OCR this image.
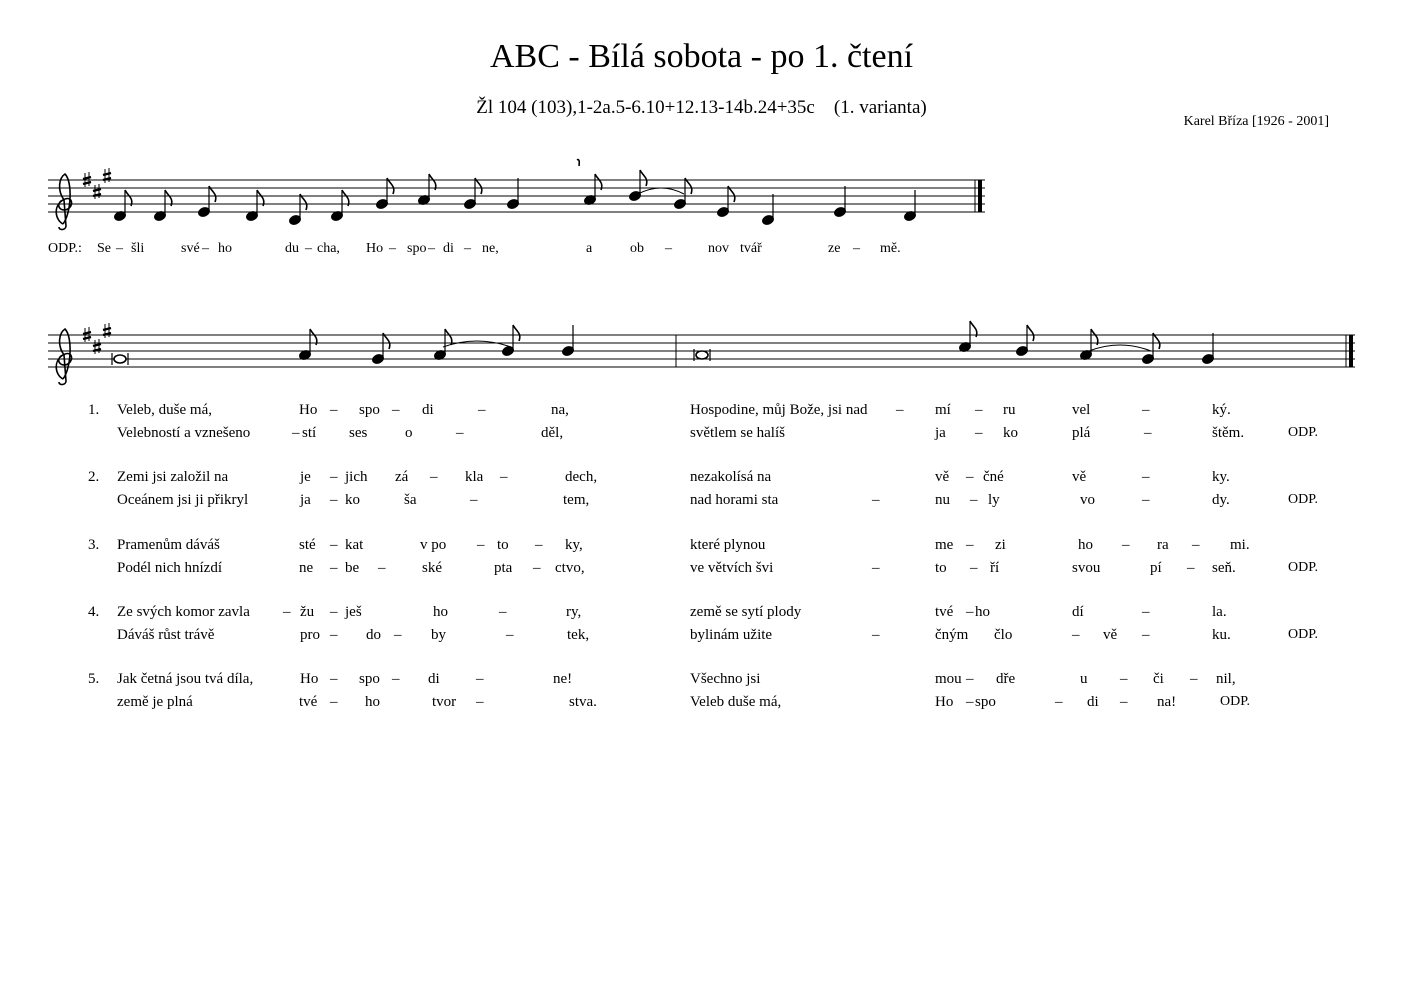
ABC - Bílá sobota - po 1. čtení
Žl 104 (103),1-2a.5-6.10+12.13-14b.24+35c    (1. varianta)
Karel Bříza [1926 - 2001]
ODP.: Se – šli	své – ho	du – cha, Ho – spo – di – ne,	a	ob –	nov tvář	ze – mě.
1. Veleb, duše má,	Ho – spo – di	–	na,	Hospodine, můj Bože, jsi nad – mí – ru	vel	–	ký.
Velebností a vznešeno	– stí ses	o	–	děl,	světlem se halíš	ja – ko	plá	–	štěm.	ODP.
2. Zemi jsi založil na	je – jich zá – kla –	dech,	nezakolísá na	vě – čné	vě	–	ky.
Oceánem jsi ji přikryl	ja – ko	ša	–	tem,	nad horami sta	–	nu – ly	vo	–	dy.	ODP.
3. Pramenům dáváš	sté – kat	v po – to – ky,	které plynou	me – zi	ho – ra – mi.
Podél nich hnízdí	ne – be – ské	pta – ctvo,	ve větvích švi	–	to – ří	svou	pí – seň.	ODP.
4. Ze svých komor zavla – žu – ješ	ho	–	ry,	země se sytí plody	tvé – ho	dí	–	la.
Dáváš růst trávě	pro – do – by	–	tek,	bylinám užite	–	čným člo	– vě –	ku.	ODP.
5. Jak četná jsou tvá díla,	Ho – spo – di –	ne!	Všechno jsi	mou – dře	u – či – nil,
země je plná	tvé – ho	tvor –	stva.	Veleb duše má,	Ho – spo	– di – na!	ODP.
